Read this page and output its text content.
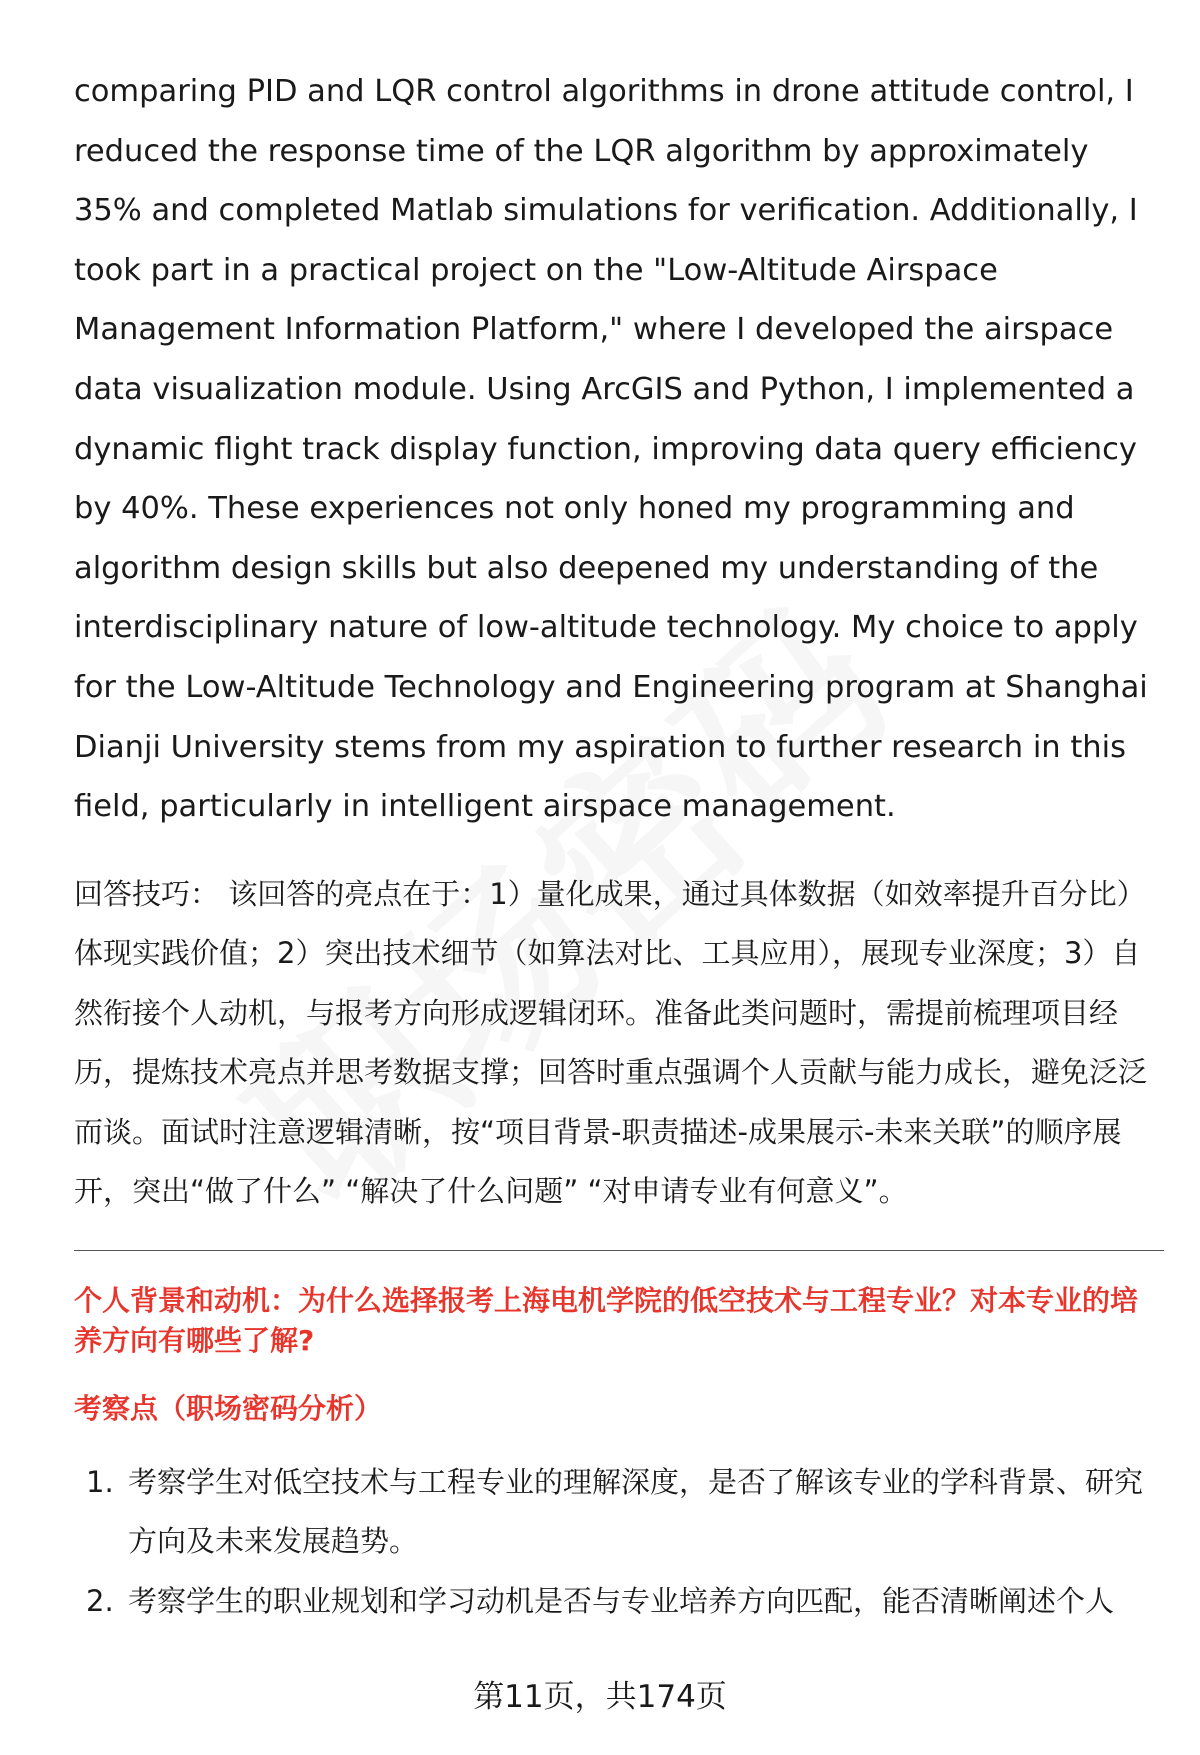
comparing PID and LQR control algorithms in drone attitude control, I reduced the response time of the LQR algorithm by approximately 35% and completed Matlab simulations for verification. Additionally, I took part in a practical project on the "Low-Altitude Airspace Management Information Platform," where I developed the airspace data visualization module. Using ArcGIS and Python, I implemented a dynamic flight track display function, improving data query efficiency by 40%. These experiences not only honed my programming and algorithm design skills but also deepened my understanding of the interdisciplinary nature of low-altitude technology. My choice to apply for the Low-Altitude Technology and Engineering program at Shanghai Dianji University stems from my aspiration to further research in this field, particularly in intelligent airspace management.

回答技巧： 该回答的亮点在于：1）量化成果，通过具体数据（如效率提升百分比）体现实践价值；2）突出技术细节（如算法对比、工具应用），展现专业深度；3）自然衔接个人动机，与报考方向形成逻辑闭环。准备此类问题时，需提前梳理项目经历，提炼技术亮点并思考数据支撑；回答时重点强调个人贡献与能力成长，避免泛泛而谈。面试时注意逻辑清晰，按“项目背景-职责描述-成果展示-未来关联”的顺序展开，突出“做了什么” “解决了什么问题” “对申请专业有何意义”。

个人背景和动机：为什么选择报考上海电机学院的低空技术与工程专业？对本专业的培养方向有哪些了解?
考察点（职场密码分析）
1. 考察学生对低空技术与工程专业的理解深度，是否了解该专业的学科背景、研究方向及未来发展趋势。
2. 考察学生的职业规划和学习动机是否与专业培养方向匹配，能否清晰阐述个人
第11页，共174页
